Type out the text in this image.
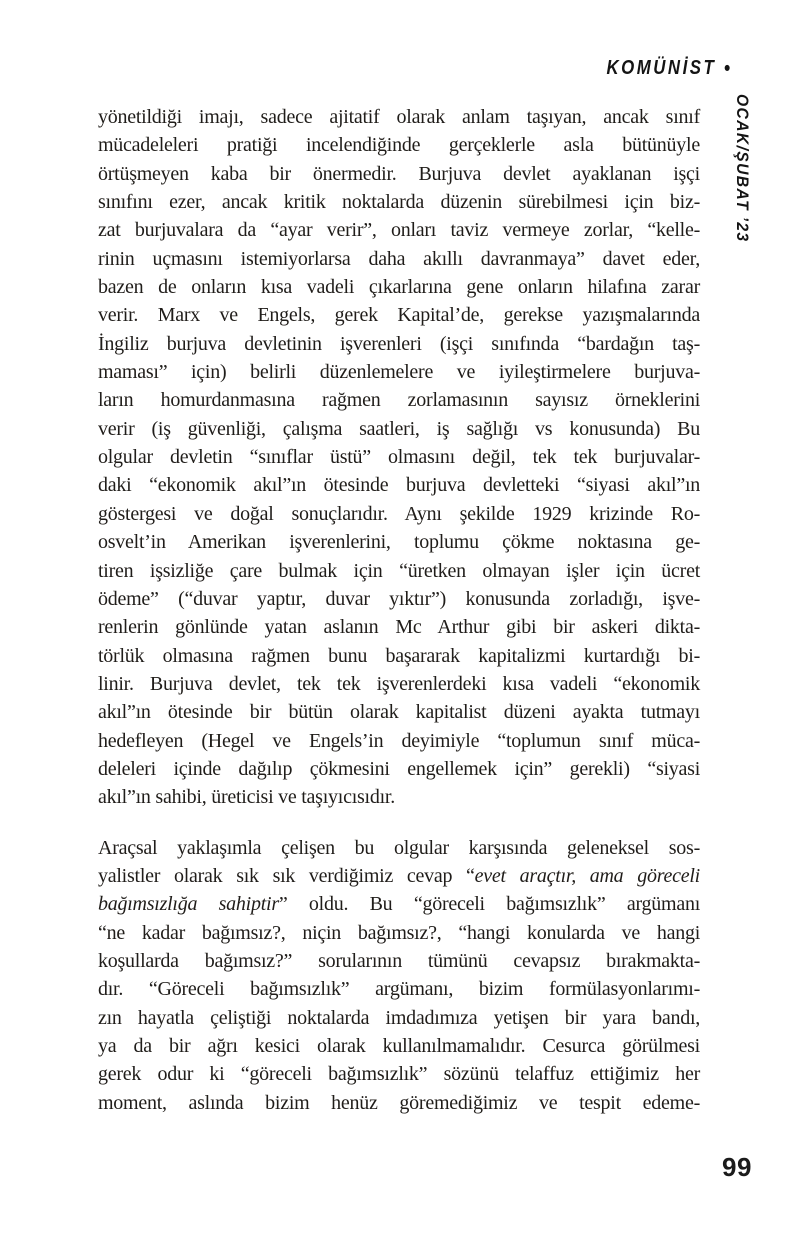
KOMÜNİST •
OCAK/ŞUBAT ’23
yönetildiği imajı, sadece ajitatif olarak anlam taşıyan, ancak sınıf
mücadeleleri pratiği incelendiğinde gerçeklerle asla bütünüyle
örtüşmeyen kaba bir önermedir. Burjuva devlet ayaklanan işçi
sınıfını ezer, ancak kritik noktalarda düzenin sürebilmesi için biz-
zat burjuvalara da “ayar verir”, onları taviz vermeye zorlar, “kelle-
rinin uçmasını istemiyorlarsa daha akıllı davranmaya” davet eder,
bazen de onların kısa vadeli çıkarlarına gene onların hilafına zarar
verir. Marx ve Engels, gerek Kapital’de, gerekse yazışmalarında
İngiliz burjuva devletinin işverenleri (işçi sınıfında “bardağın taş-
maması” için) belirli düzenlemelere ve iyileştirmelere burjuva-
ların homurdanmasına rağmen zorlamasının sayısız örneklerini
verir (iş güvenliği, çalışma saatleri, iş sağlığı vs konusunda) Bu
olgular devletin “sınıflar üstü” olmasını değil, tek tek burjuvalar-
daki “ekonomik akıl”ın ötesinde burjuva devletteki “siyasi akıl”ın
göstergesi ve doğal sonuçlarıdır. Aynı şekilde 1929 krizinde Ro-
osvelt’in Amerikan işverenlerini, toplumu çökme noktasına ge-
tiren işsizliğe çare bulmak için “üretken olmayan işler için ücret
ödeme” (“duvar yaptır, duvar yıktır”) konusunda zorladığı, işve-
renlerin gönlünde yatan aslanın Mc Arthur gibi bir askeri dikta-
törlük olmasına rağmen bunu başararak kapitalizmi kurtardığı bi-
linir. Burjuva devlet, tek tek işverenlerdeki kısa vadeli “ekonomik
akıl”ın ötesinde bir bütün olarak kapitalist düzeni ayakta tutmayı
hedefleyen (Hegel ve Engels’in deyimiyle “toplumun sınıf müca-
deleleri içinde dağılıp çökmesini engellemek için” gerekli) “siyasi
akıl”ın sahibi, üreticisi ve taşıyıcısıdır.
Araçsal yaklaşımla çelişen bu olgular karşısında geleneksel sos-
yalistler olarak sık sık verdiğimiz cevap “evet araçtır, ama göreceli
bağımsızlığa sahiptir” oldu. Bu “göreceli bağımsızlık” argümanı
“ne kadar bağımsız?, niçin bağımsız?, “hangi konularda ve hangi
koşullarda bağımsız?” sorularının tümünü cevapsız bırakmakta-
dır. “Göreceli bağımsızlık” argümanı, bizim formülasyonlarımı-
zın hayatla çeliştiği noktalarda imdadımıza yetişen bir yara bandı,
ya da bir ağrı kesici olarak kullanılmamalıdır. Cesurca görülmesi
gerek odur ki “göreceli bağımsızlık” sözünü telaffuz ettiğimiz her
moment, aslında bizim henüz göremediğimiz ve tespit edeme-
99
